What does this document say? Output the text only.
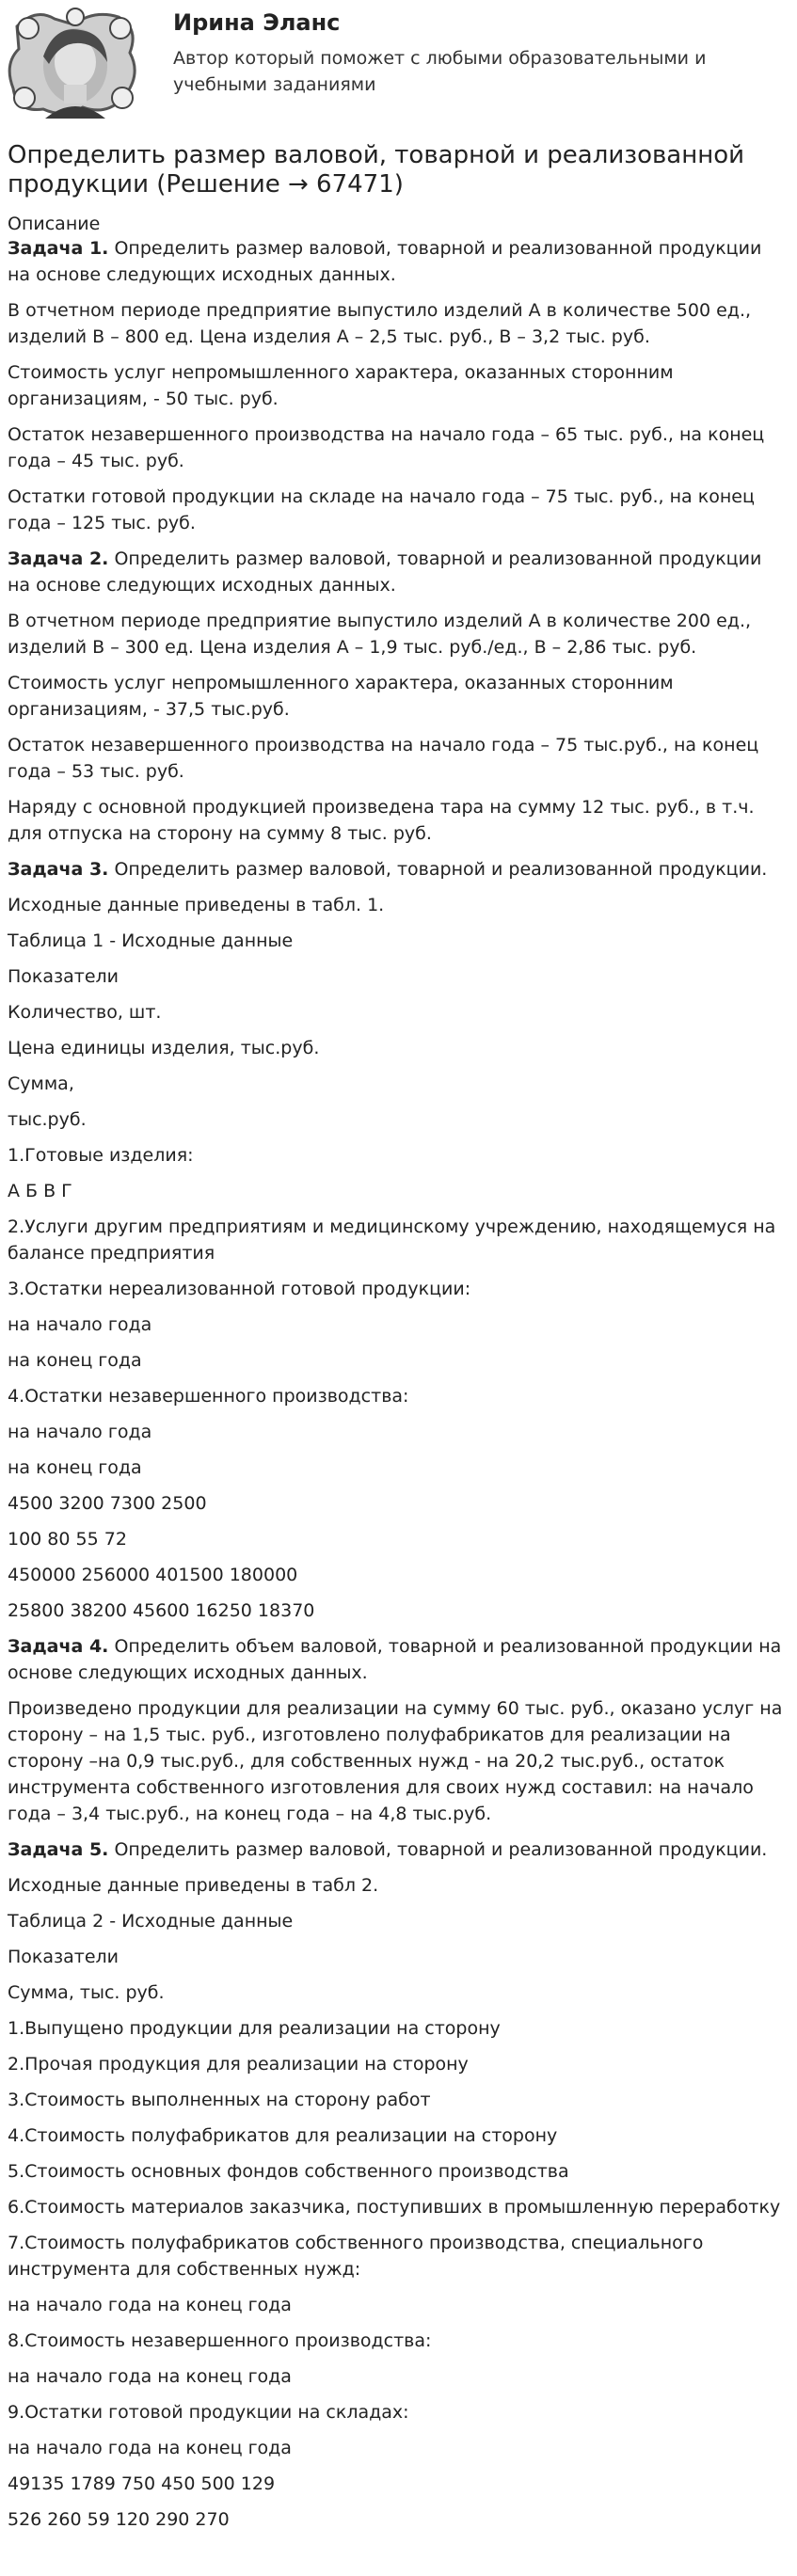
Ирина Эланс
Автор который поможет с любыми образовательными и учебными заданиями
Определить размер валовой, товарной и реализованной продукции (Решение → 67471)
Описание

Задача 1. Определить размер валовой, товарной и реализованной продукции на основе следующих исходных данных.

В отчетном периоде предприятие выпустило изделий А в количестве 500 ед., изделий В – 800 ед. Цена изделия А – 2,5 тыс. руб., В – 3,2 тыс. руб.

Стоимость услуг непромышленного характера, оказанных сторонним организациям, - 50 тыс. руб.

Остаток незавершенного производства на начало года – 65 тыс. руб., на конец года – 45 тыс. руб.

Остатки готовой продукции на складе на начало года – 75 тыс. руб., на конец года – 125 тыс. руб.

Задача 2. Определить размер валовой, товарной и реализованной продукции на основе следующих исходных данных.

В отчетном периоде предприятие выпустило изделий А в количестве 200 ед., изделий В – 300 ед. Цена изделия А – 1,9 тыс. руб./ед., В – 2,86 тыс. руб.

Стоимость услуг непромышленного характера, оказанных сторонним организациям, - 37,5 тыс.руб.

Остаток незавершенного производства на начало года – 75 тыс.руб., на конец года – 53 тыс. руб.

Наряду с основной продукцией произведена тара на сумму 12 тыс. руб., в т.ч. для отпуска на сторону на сумму 8 тыс. руб.

Задача 3. Определить размер валовой, товарной и реализованной продукции.

Исходные данные приведены в табл. 1.

Таблица 1 - Исходные данные

Показатели

Количество, шт.

Цена единицы изделия, тыс.руб.

Сумма,

тыс.руб.

1.Готовые изделия:

А Б В Г

2.Услуги другим предприятиям и медицинскому учреждению, находящемуся на балансе предприятия

3.Остатки нереализованной готовой продукции:

на начало года

на конец года

4.Остатки незавершенного производства:

на начало года

на конец года

4500 3200 7300 2500

100 80 55 72

450000 256000 401500 180000

25800 38200 45600 16250 18370

Задача 4. Определить объем валовой, товарной и реализованной продукции на основе следующих исходных данных.

Произведено продукции для реализации на сумму 60 тыс. руб., оказано услуг на сторону – на 1,5 тыс. руб., изготовлено полуфабрикатов для реализации на сторону –на 0,9 тыс.руб., для собственных нужд - на 20,2 тыс.руб., остаток инструмента собственного изготовления для своих нужд составил: на начало года – 3,4 тыс.руб., на конец года – на 4,8 тыс.руб.

Задача 5. Определить размер валовой, товарной и реализованной продукции.

Исходные данные приведены в табл 2.

Таблица 2 - Исходные данные

Показатели

Сумма, тыс. руб.

1.Выпущено продукции для реализации на сторону

2.Прочая продукция для реализации на сторону

3.Стоимость выполненных на сторону работ

4.Стоимость полуфабрикатов для реализации на сторону

5.Стоимость основных фондов собственного производства

6.Стоимость материалов заказчика, поступивших в промышленную переработку

7.Стоимость полуфабрикатов собственного производства, специального инструмента для собственных нужд:

на начало года на конец года

8.Стоимость незавершенного производства:

на начало года на конец года

9.Остатки готовой продукции на складах:

на начало года на конец года

49135 1789 750 450 500 129

526 260 59 120 290 270
